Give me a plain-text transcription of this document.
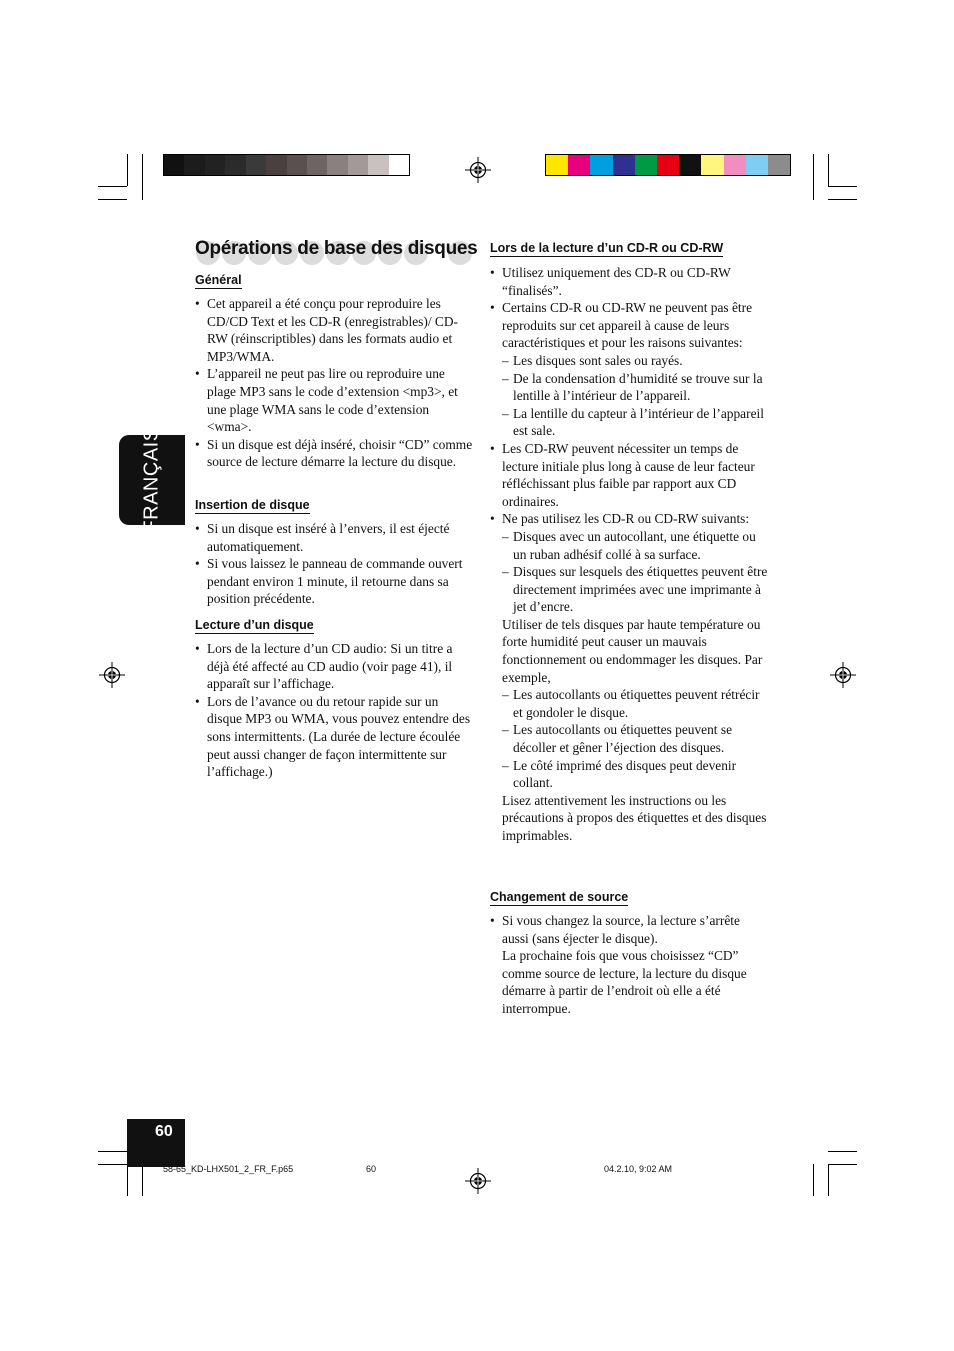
Opérations de base des disques
FRANÇAIS
Général
• Cet appareil a été conçu pour reproduire les CD/CD Text et les CD-R (enregistrables)/ CD-RW (réinscriptibles) dans les formats audio et MP3/WMA.
• L’appareil ne peut pas lire ou reproduire une plage MP3 sans le code d’extension <mp3>, et une plage WMA sans le code d’extension <wma>.
• Si un disque est déjà inséré, choisir “CD” comme source de lecture démarre la lecture du disque.
Insertion de disque
• Si un disque est inséré à l’envers, il est éjecté automatiquement.
• Si vous laissez le panneau de commande ouvert pendant environ 1 minute, il retourne dans sa position précédente.
Lecture d’un disque
• Lors de la lecture d’un CD audio: Si un titre a déjà été affecté au CD audio (voir page 41), il apparaît sur l’affichage.
• Lors de l’avance ou du retour rapide sur un disque MP3 ou WMA, vous pouvez entendre des sons intermittents. (La durée de lecture écoulée peut aussi changer de façon intermittente sur l’affichage.)
Lors de la lecture d’un CD-R ou CD-RW
• Utilisez uniquement des CD-R ou CD-RW “finalisés”.
• Certains CD-R ou CD-RW ne peuvent pas être reproduits sur cet appareil à cause de leurs caractéristiques et pour les raisons suivantes:
– Les disques sont sales ou rayés.
– De la condensation d’humidité se trouve sur la lentille à l’intérieur de l’appareil.
– La lentille du capteur à l’intérieur de l’appareil est sale.
• Les CD-RW peuvent nécessiter un temps de lecture initiale plus long à cause de leur facteur réfléchissant plus faible par rapport aux CD ordinaires.
• Ne pas utilisez les CD-R ou CD-RW suivants:
– Disques avec un autocollant, une étiquette ou un ruban adhésif collé à sa surface.
– Disques sur lesquels des étiquettes peuvent être directement imprimées avec une imprimante à jet d’encre.
Utiliser de tels disques par haute température ou forte humidité peut causer un mauvais fonctionnement ou endommager les disques. Par exemple,
– Les autocollants ou étiquettes peuvent rétrécir et gondoler le disque.
– Les autocollants ou étiquettes peuvent se décoller et gêner l’éjection des disques.
– Le côté imprimé des disques peut devenir collant.
Lisez attentivement les instructions ou les précautions à propos des étiquettes et des disques imprimables.
Changement de source
• Si vous changez la source, la lecture s’arrête aussi (sans éjecter le disque).
La prochaine fois que vous choisissez “CD” comme source de lecture, la lecture du disque démarre à partir de l’endroit où elle a été interrompue.
60
58-65_KD-LHX501_2_FR_F.p65	60	04.2.10, 9:02 AM
